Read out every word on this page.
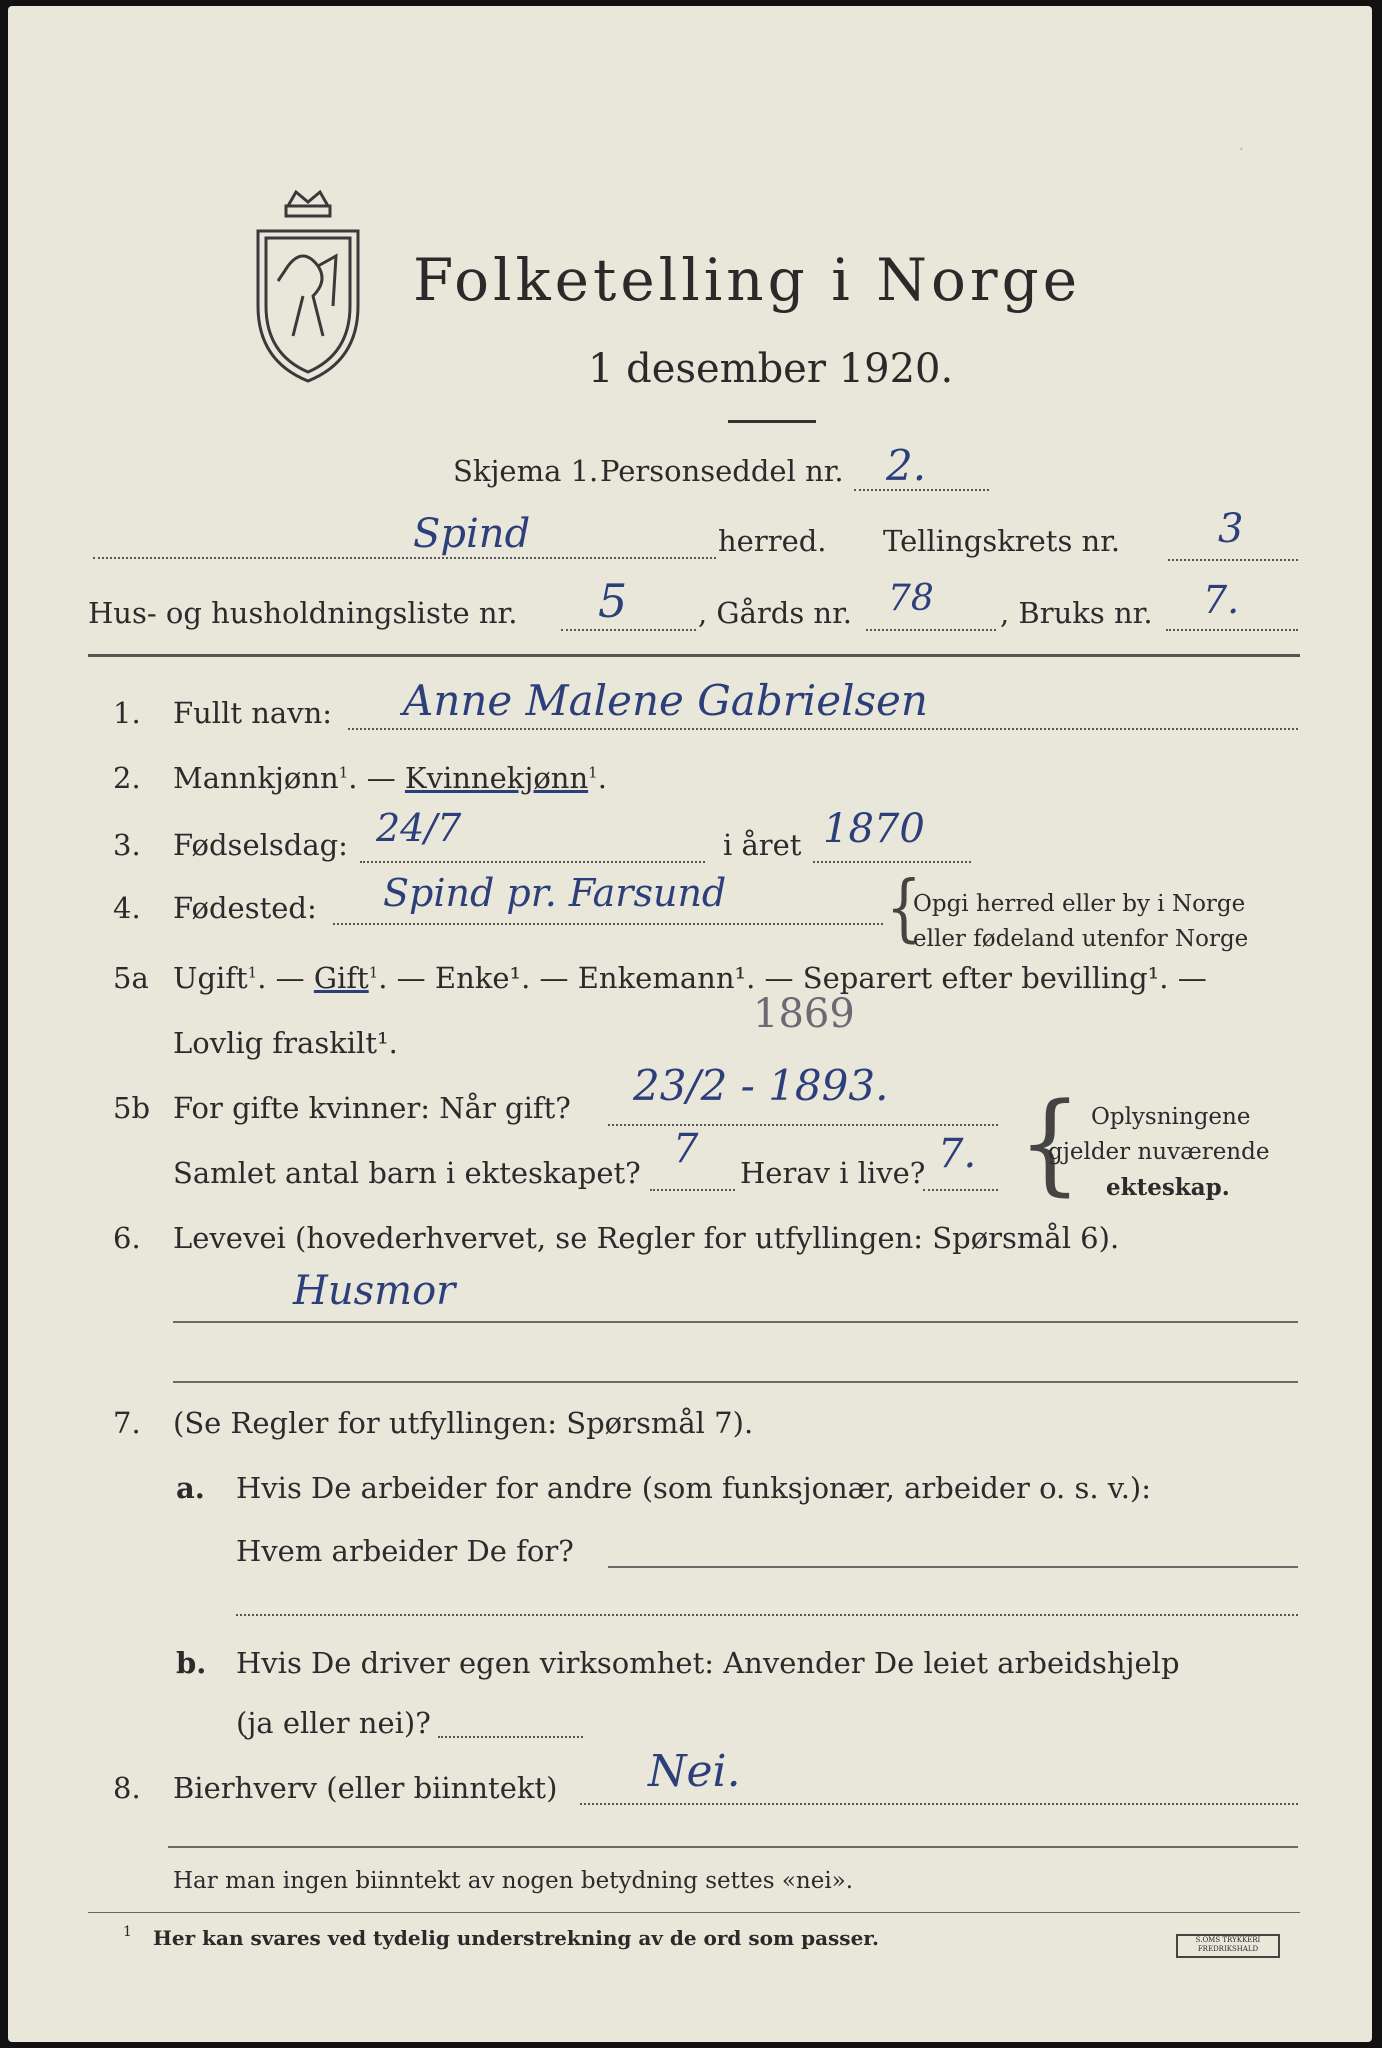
.
Folketelling i Norge
1 desember 1920.
Skjema 1. Personseddel nr. 2.
Spind	herred. Tellingskrets nr. 3
Hus- og husholdningsliste nr. 5 , Gårds nr. 78 , Bruks nr. 7.
1. Fullt navn: Anne Malene Gabrielsen
2. Mannkjønn$^1$. — Kvinnekjønn$^1$.
3. Fødselsdag: 24/7	i året 1870
4. Fødested: Spind pr. Farsund	{
Opgi herred eller by i Norge
eller fødeland utenfor Norge
5a Ugift$^1$. — Gift$^1$. — Enke¹. — Enkemann¹. — Separert efter bevilling¹. —
Lovlig fraskilt¹.
1869
5b For gifte kvinner: Når gift? 23/2 - 1893.
Samlet antal barn i ekteskapet?
7
Herav i live? 7. { Oplysningene
gjelder nuværende
ekteskap.
6. Levevei (hovederhvervet, se Regler for utfyllingen: Spørsmål 6).
Husmor
7. (Se Regler for utfyllingen: Spørsmål 7).
a. Hvis De arbeider for andre (som funksjonær, arbeider o. s. v.):
Hvem arbeider De for?
b. Hvis De driver egen virksomhet: Anvender De leiet arbeidshjelp
(ja eller nei)?
8. Bierhverv (eller biinntekt) Nei.
Har man ingen biinntekt av nogen betydning settes «nei».
1 Her kan svares ved tydelig understrekning av de ord som passer.	S.OMS TRYKKERI FREDRIKSHALD
